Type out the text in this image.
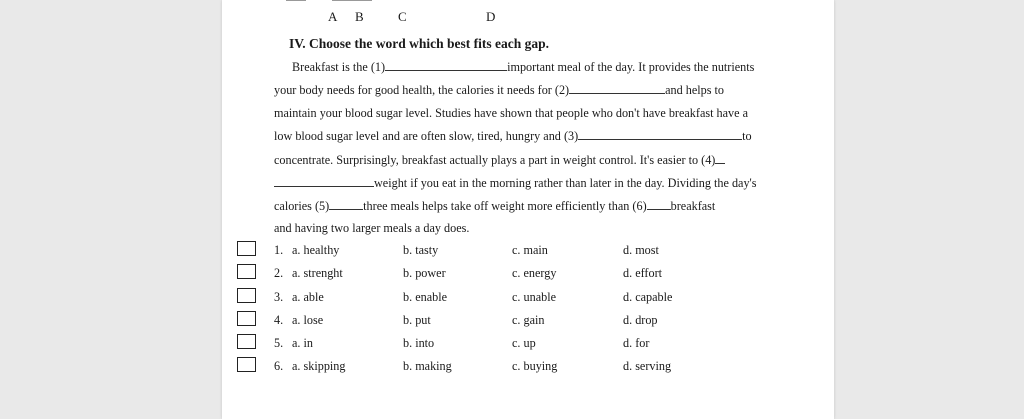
A B	C	D
IV. Choose the word which best fits each gap.
Breakfast is the (1)	important meal of the day. It provides the nutrients
your body needs for good health, the calories it needs for (2)	and helps to
maintain your blood sugar level. Studies have shown that people who don't have breakfast have a
low blood sugar level and are often slow, tired, hungry and (3)	to
concentrate. Surprisingly, breakfast actually plays a part in weight control. It's easier to (4)
weight if you eat in the morning rather than later in the day. Dividing the day's
calories (5)	three meals helps take off weight more efficiently than (6) breakfast
and having two larger meals a day does.
1. a. healthy	b. tasty	c. main	d. most
2. a. strenght	b. power	c. energy	d. effort
3. a. able	b. enable	c. unable	d. capable
4. a. lose	b. put	c. gain	d. drop
5. a. in	b. into	c. up	d. for
6. a. skipping	b. making	c. buying	d. serving
